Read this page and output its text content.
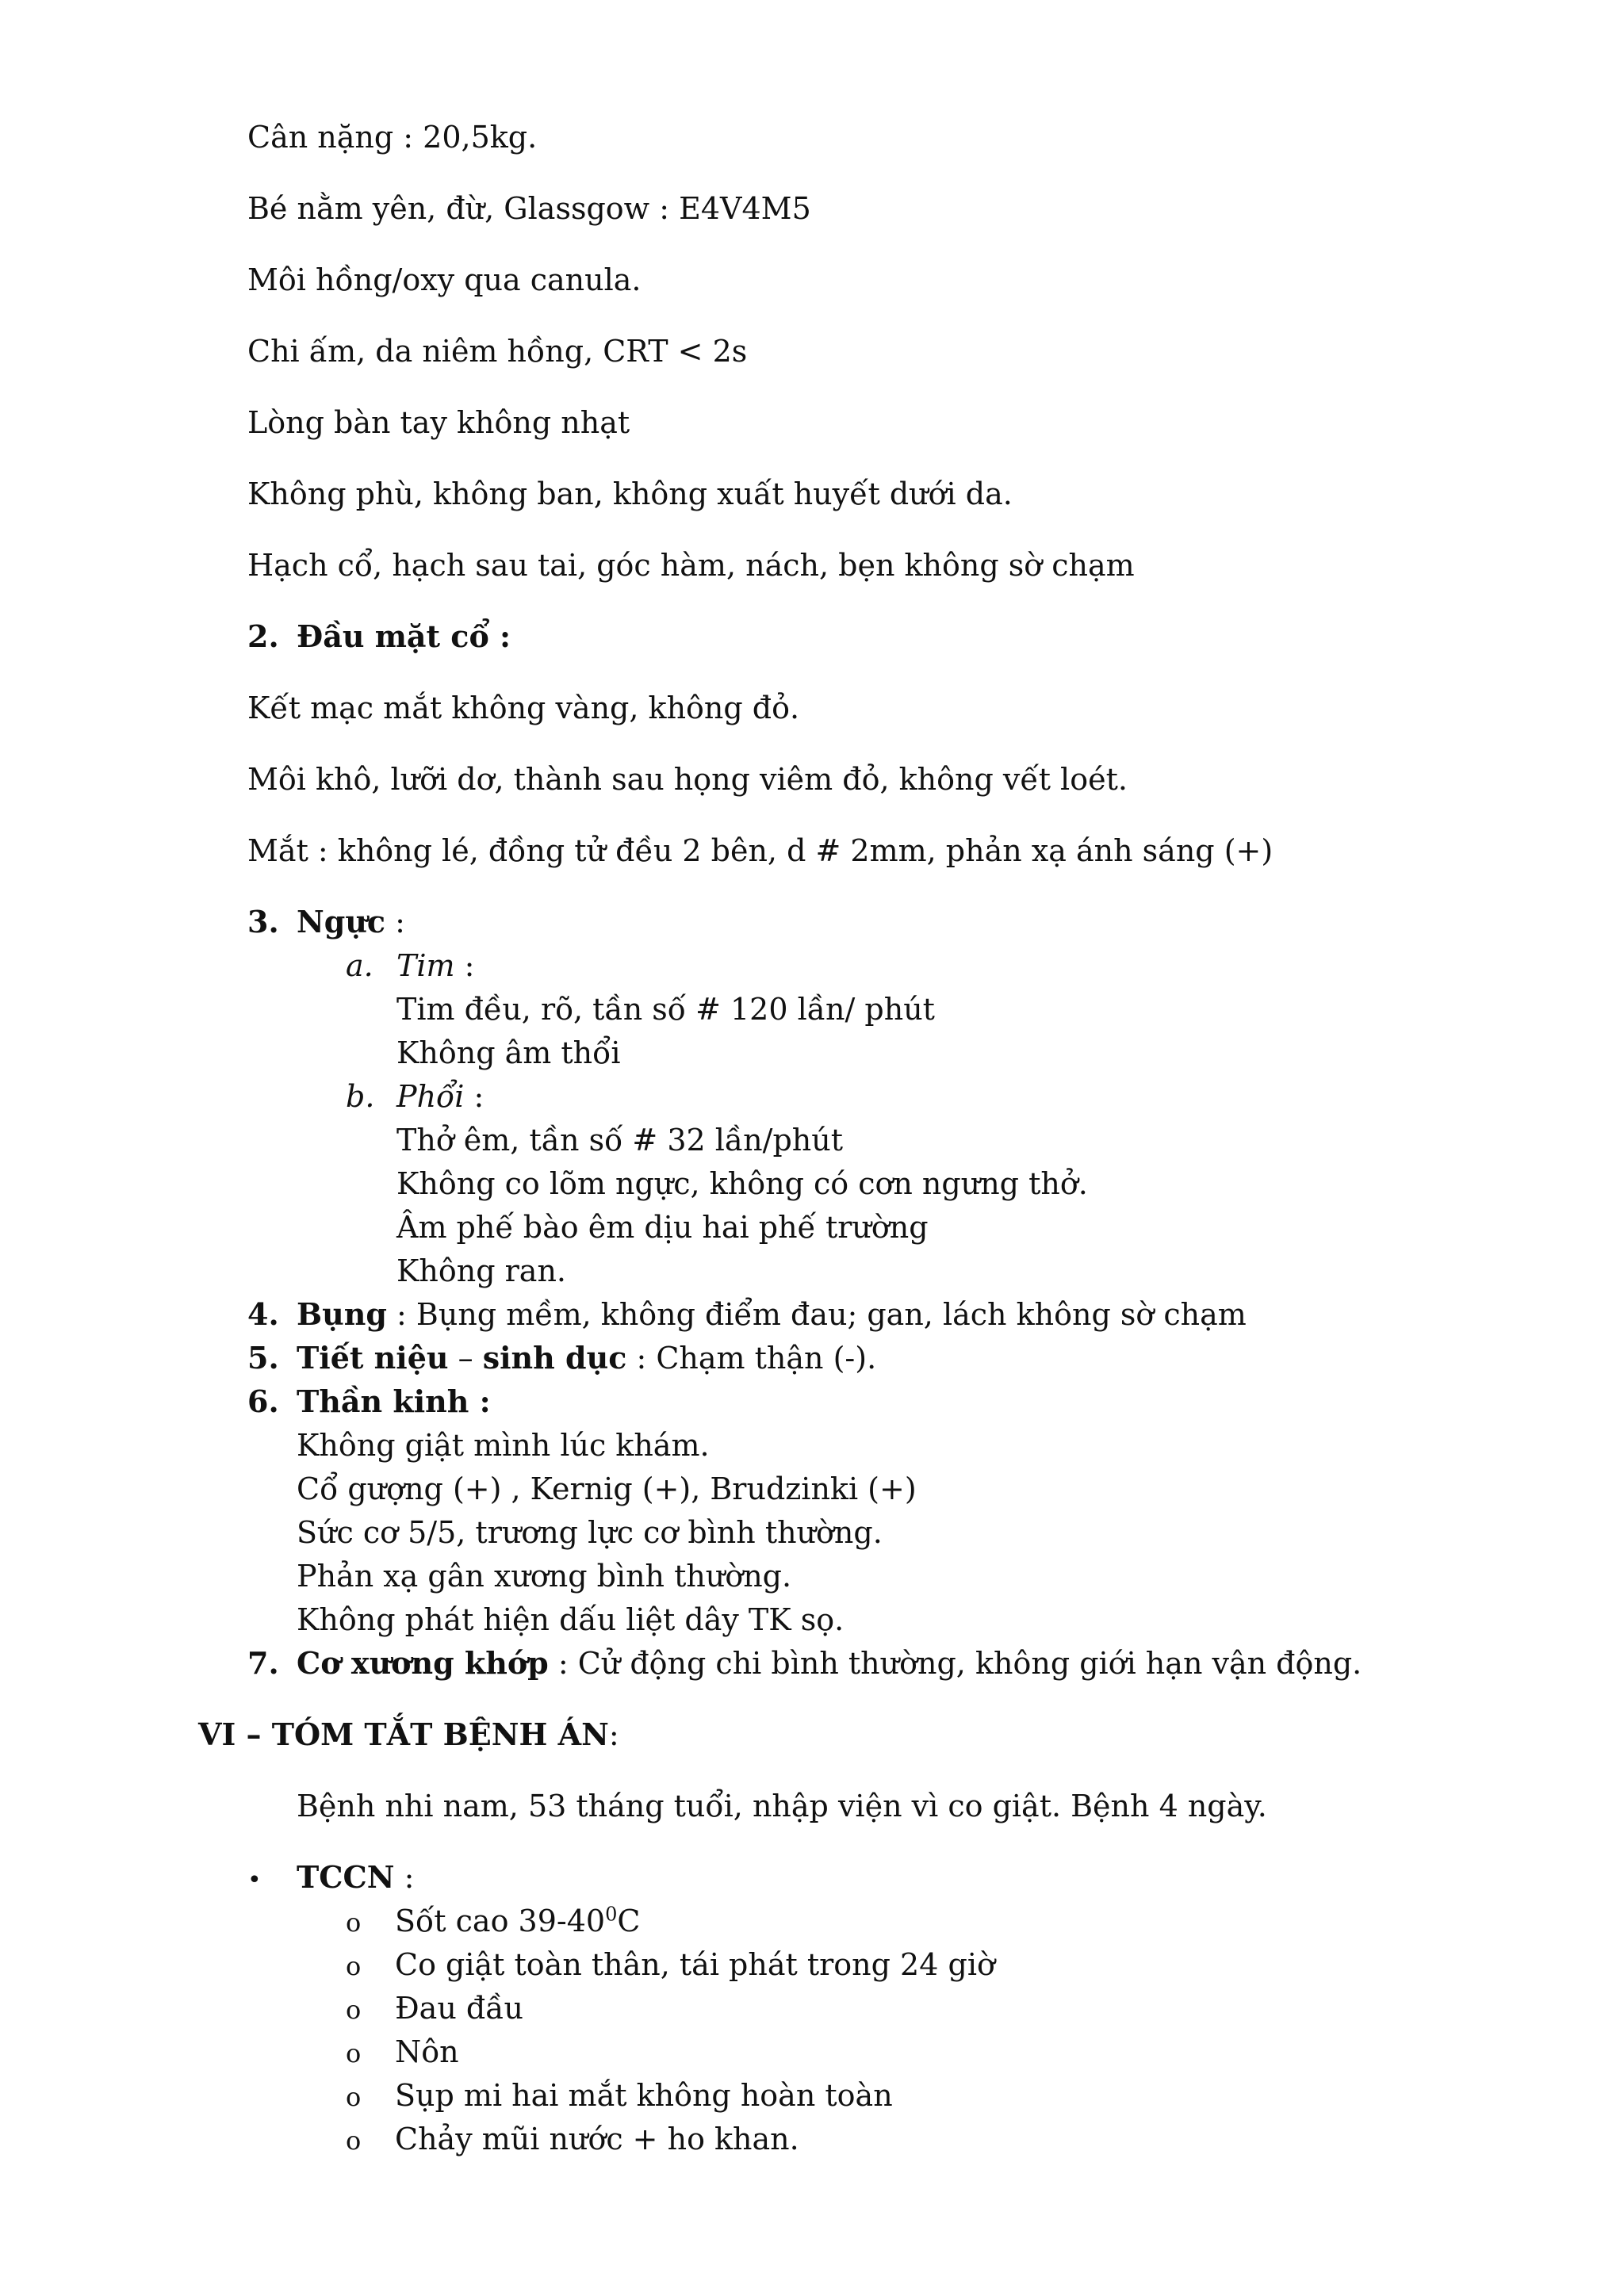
Cân nặng : 20,5kg.

Bé nằm yên, đừ, Glassgow : E4V4M5

Môi hồng/oxy qua canula.

Chi ấm, da niêm hồng, CRT < 2s

Lòng bàn tay không nhạt

Không phù, không ban, không xuất huyết dưới da.

Hạch cổ, hạch sau tai, góc hàm, nách, bẹn không sờ chạm

2. Đầu mặt cổ :

Kết mạc mắt không vàng, không đỏ.

Môi khô, lưỡi dơ, thành sau họng viêm đỏ, không vết loét.

Mắt : không lé, đồng tử đều 2 bên, d # 2mm, phản xạ ánh sáng (+)

3. Ngực :

a. Tim :

Tim đều, rõ, tần số # 120 lần/ phút

Không âm thổi

b. Phổi :

Thở êm, tần số # 32 lần/phút

Không co lõm ngực, không có cơn ngưng thở.

Âm phế bào êm dịu hai phế trường

Không ran.

4. Bụng : Bụng mềm, không điểm đau; gan, lách không sờ chạm

5. Tiết niệu – sinh dục : Chạm thận (-).

6. Thần kinh :

Không giật mình lúc khám.

Cổ gượng (+) , Kernig (+), Brudzinki (+)

Sức cơ 5/5, trương lực cơ bình thường.

Phản xạ gân xương bình thường.

Không phát hiện dấu liệt dây TK sọ.

7. Cơ xương khớp : Cử động chi bình thường, không giới hạn vận động.

VI – TÓM TẮT BỆNH ÁN:

Bệnh nhi nam, 53 tháng tuổi, nhập viện vì co giật. Bệnh 4 ngày.

• TCCN :

o Sốt cao $39-40^0C$

o Co giật toàn thân, tái phát trong 24 giờ

o Đau đầu

o Nôn

o Sụp mi hai mắt không hoàn toàn

o Chảy mũi nước + ho khan.
